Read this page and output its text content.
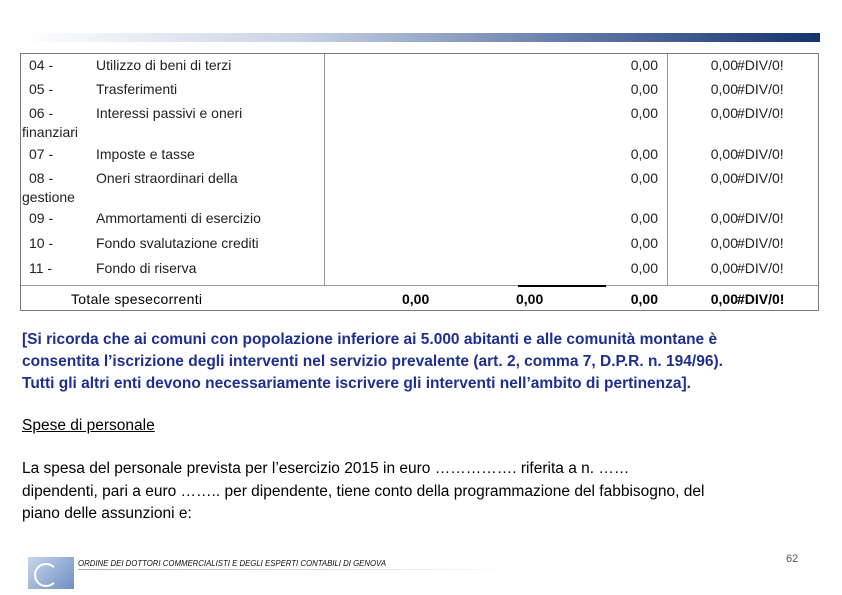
04 -	Utilizzo di beni di terzi	0,00	0,00 #DIV/0!
05 -	Trasferimenti	0,00	0,00 #DIV/0!
06 -	Interessi passivi e oneri	0,00	0,00 #DIV/0!
finanziari
07 -	Imposte e tasse	0,00	0,00 #DIV/0!
08 -	Oneri straordinari della	0,00	0,00 #DIV/0!
gestione
09 -	Ammortamenti di esercizio	0,00	0,00 #DIV/0!
10 -	Fondo svalutazione crediti	0,00	0,00 #DIV/0!
11 -	Fondo di riserva	0,00	0,00 #DIV/0!
Totale spesecorrenti	0,00	0,00	0,00	0,00 #DIV/0!
[Si ricorda che ai comuni con popolazione inferiore ai 5.000 abitanti e alle comunità montane è
consentita l’iscrizione degli interventi nel servizio prevalente (art. 2, comma 7, D.P.R. n. 194/96).
Tutti gli altri enti devono necessariamente iscrivere gli interventi nell’ambito di pertinenza].
Spese di personale
La spesa del personale prevista per l’esercizio 2015 in euro ……………. riferita a n. ……
dipendenti, pari a euro …….. per dipendente, tiene conto della programmazione del fabbisogno, del
piano delle assunzioni e:
ORDINE DEI DOTTORI COMMERCIALISTI E DEGLI ESPERTI CONTABILI DI GENOVA	62
